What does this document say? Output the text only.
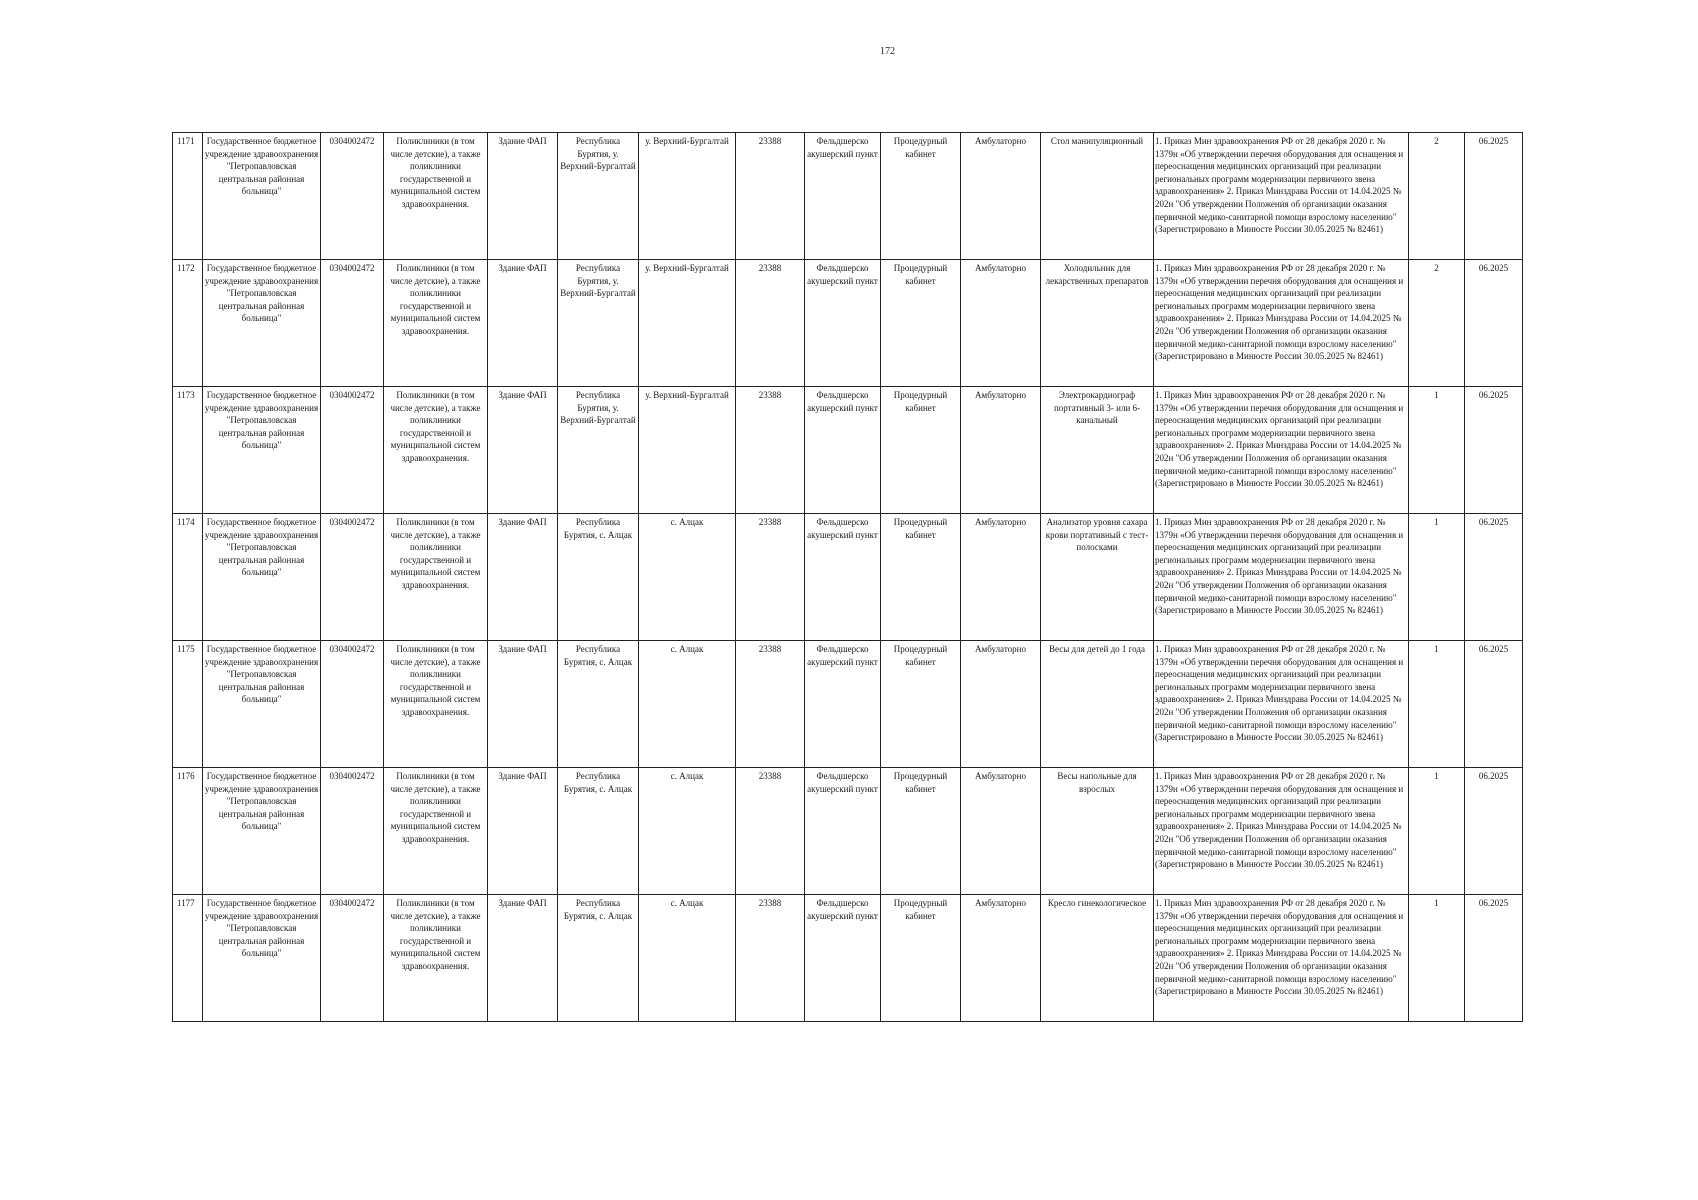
172
1171	Государственное бюджетное учреждение здравоохранения "Петропавловская центральная районная больница"	0304002472	Поликлиники (в том числе детские), а также поликлиники государственной и муниципальной систем здравоохранения.	Здание ФАП	Республика Бурятия, у. Верхний-Бургалтай	у. Верхний-Бургалтай	23388	Фельдшерско акушерский пункт	Процедурный кабинет	Амбулаторно	Стол манипуляционный	1. Приказ Мин здравоохранения РФ от 28 декабря 2020 г. № 1379н «Об утверждении перечня оборудования для оснащения и переоснащения медицинских организаций при реализации региональных программ модернизации первичного звена здравоохранения» 2. Приказ Минздрава России от 14.04.2025 № 202н "Об утверждении Положения об организации оказания первичной медико-санитарной помощи взрослому населению" (Зарегистрировано в Минюсте России 30.05.2025 № 82461)	2	06.2025
1172	Государственное бюджетное учреждение здравоохранения "Петропавловская центральная районная больница"	0304002472	Поликлиники (в том числе детские), а также поликлиники государственной и муниципальной систем здравоохранения.	Здание ФАП	Республика Бурятия, у. Верхний-Бургалтай	у. Верхний-Бургалтай	23388	Фельдшерско акушерский пункт	Процедурный кабинет	Амбулаторно	Холодильник для лекарственных препаратов	1. Приказ Мин здравоохранения РФ от 28 декабря 2020 г. № 1379н «Об утверждении перечня оборудования для оснащения и переоснащения медицинских организаций при реализации региональных программ модернизации первичного звена здравоохранения» 2. Приказ Минздрава России от 14.04.2025 № 202н "Об утверждении Положения об организации оказания первичной медико-санитарной помощи взрослому населению" (Зарегистрировано в Минюсте России 30.05.2025 № 82461)	2	06.2025
1173	Государственное бюджетное учреждение здравоохранения "Петропавловская центральная районная больница"	0304002472	Поликлиники (в том числе детские), а также поликлиники государственной и муниципальной систем здравоохранения.	Здание ФАП	Республика Бурятия, у. Верхний-Бургалтай	у. Верхний-Бургалтай	23388	Фельдшерско акушерский пункт	Процедурный кабинет	Амбулаторно	Электрокардиограф портативный 3- или 6-канальный	1. Приказ Мин здравоохранения РФ от 28 декабря 2020 г. № 1379н «Об утверждении перечня оборудования для оснащения и переоснащения медицинских организаций при реализации региональных программ модернизации первичного звена здравоохранения» 2. Приказ Минздрава России от 14.04.2025 № 202н "Об утверждении Положения об организации оказания первичной медико-санитарной помощи взрослому населению" (Зарегистрировано в Минюсте России 30.05.2025 № 82461)	1	06.2025
1174	Государственное бюджетное учреждение здравоохранения "Петропавловская центральная районная больница"	0304002472	Поликлиники (в том числе детские), а также поликлиники государственной и муниципальной систем здравоохранения.	Здание ФАП	Республика Бурятия, с. Алцак	с. Алцак	23388	Фельдшерско акушерский пункт	Процедурный кабинет	Амбулаторно	Анализатор уровня сахара крови портативный с тест-полосками	1. Приказ Мин здравоохранения РФ от 28 декабря 2020 г. № 1379н «Об утверждении перечня оборудования для оснащения и переоснащения медицинских организаций при реализации региональных программ модернизации первичного звена здравоохранения» 2. Приказ Минздрава России от 14.04.2025 № 202н "Об утверждении Положения об организации оказания первичной медико-санитарной помощи взрослому населению" (Зарегистрировано в Минюсте России 30.05.2025 № 82461)	1	06.2025
1175	Государственное бюджетное учреждение здравоохранения "Петропавловская центральная районная больница"	0304002472	Поликлиники (в том числе детские), а также поликлиники государственной и муниципальной систем здравоохранения.	Здание ФАП	Республика Бурятия, с. Алцак	с. Алцак	23388	Фельдшерско акушерский пункт	Процедурный кабинет	Амбулаторно	Весы для детей до 1 года	1. Приказ Мин здравоохранения РФ от 28 декабря 2020 г. № 1379н «Об утверждении перечня оборудования для оснащения и переоснащения медицинских организаций при реализации региональных программ модернизации первичного звена здравоохранения» 2. Приказ Минздрава России от 14.04.2025 № 202н "Об утверждении Положения об организации оказания первичной медико-санитарной помощи взрослому населению" (Зарегистрировано в Минюсте России 30.05.2025 № 82461)	1	06.2025
1176	Государственное бюджетное учреждение здравоохранения "Петропавловская центральная районная больница"	0304002472	Поликлиники (в том числе детские), а также поликлиники государственной и муниципальной систем здравоохранения.	Здание ФАП	Республика Бурятия, с. Алцак	с. Алцак	23388	Фельдшерско акушерский пункт	Процедурный кабинет	Амбулаторно	Весы напольные для взрослых	1. Приказ Мин здравоохранения РФ от 28 декабря 2020 г. № 1379н «Об утверждении перечня оборудования для оснащения и переоснащения медицинских организаций при реализации региональных программ модернизации первичного звена здравоохранения» 2. Приказ Минздрава России от 14.04.2025 № 202н "Об утверждении Положения об организации оказания первичной медико-санитарной помощи взрослому населению" (Зарегистрировано в Минюсте России 30.05.2025 № 82461)	1	06.2025
1177	Государственное бюджетное учреждение здравоохранения "Петропавловская центральная районная больница"	0304002472	Поликлиники (в том числе детские), а также поликлиники государственной и муниципальной систем здравоохранения.	Здание ФАП	Республика Бурятия, с. Алцак	с. Алцак	23388	Фельдшерско акушерский пункт	Процедурный кабинет	Амбулаторно	Кресло гинекологическое	1. Приказ Мин здравоохранения РФ от 28 декабря 2020 г. № 1379н «Об утверждении перечня оборудования для оснащения и переоснащения медицинских организаций при реализации региональных программ модернизации первичного звена здравоохранения» 2. Приказ Минздрава России от 14.04.2025 № 202н "Об утверждении Положения об организации оказания первичной медико-санитарной помощи взрослому населению" (Зарегистрировано в Минюсте России 30.05.2025 № 82461)	1	06.2025
